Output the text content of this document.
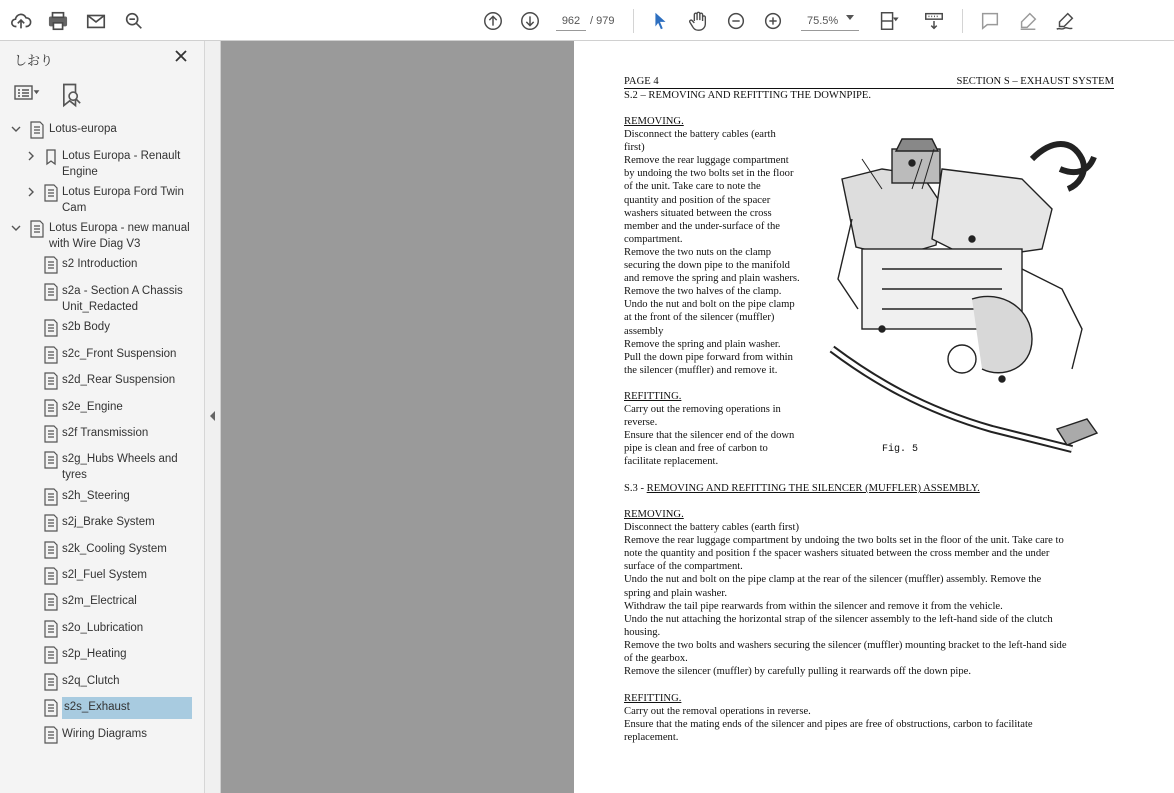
962 /
979	75.5%
しおり
Lotus-europa
Lotus Europa - Renault Engine
Lotus Europa Ford Twin Cam
Lotus Europa - new manual with Wire Diag V3
s2 Introduction
s2a - Section A Chassis Unit_Redacted
s2b Body
s2c_Front Suspension
s2d_Rear Suspension
s2e_Engine
s2f Transmission
s2g_Hubs Wheels and tyres
s2h_Steering
s2j_Brake System
s2k_Cooling System
s2l_Fuel System
s2m_Electrical
s2o_Lubrication
s2p_Heating
s2q_Clutch
s2s_Exhaust
Wiring Diagrams
PAGE 4	SECTION S – EXHAUST SYSTEM
S.2 – REMOVING AND REFITTING THE DOWNPIPE.
REMOVING.
Disconnect the battery cables (earth
first)
Remove the rear luggage compartment
by undoing the two bolts set in the floor
of the unit. Take care to note the
quantity and position of the spacer
washers situated between the cross
member and the under-surface of the
compartment.
Remove the two nuts on the clamp
securing the down pipe to the manifold
and remove the spring and plain washers.
Remove the two halves of the clamp.
Undo the nut and bolt on the pipe clamp
at the front of the silencer (muffler)
assembly
Remove the spring and plain washer.
Pull the down pipe forward from within
the silencer (muffler) and remove it.
REFITTING.
Carry out the removing operations in
reverse.
Ensure that the silencer end of the down
pipe is clean and free of carbon to
facilitate replacement.
Fig. 5
S.3 - REMOVING AND REFITTING THE SILENCER (MUFFLER) ASSEMBLY.
REMOVING.
Disconnect the battery cables (earth first)
Remove the rear luggage compartment by undoing the two bolts set in the floor of the unit. Take care to
note the quantity and position f the spacer washers situated between the cross member and the under
surface of the compartment.
Undo the nut and bolt on the pipe clamp at the rear of the silencer (muffler) assembly. Remove the
spring and plain washer.
Withdraw the tail pipe rearwards from within the silencer and remove it from the vehicle.
Undo the nut attaching the horizontal strap of the silencer assembly to the left-hand side of the clutch
housing.
Remove the two bolts and washers securing the silencer (muffler) mounting bracket to the left-hand side
of the gearbox.
Remove the silencer (muffler) by carefully pulling it rearwards off the down pipe.
REFITTING.
Carry out the removal operations in reverse.
Ensure that the mating ends of the silencer and pipes are free of obstructions, carbon to facilitate
replacement.
